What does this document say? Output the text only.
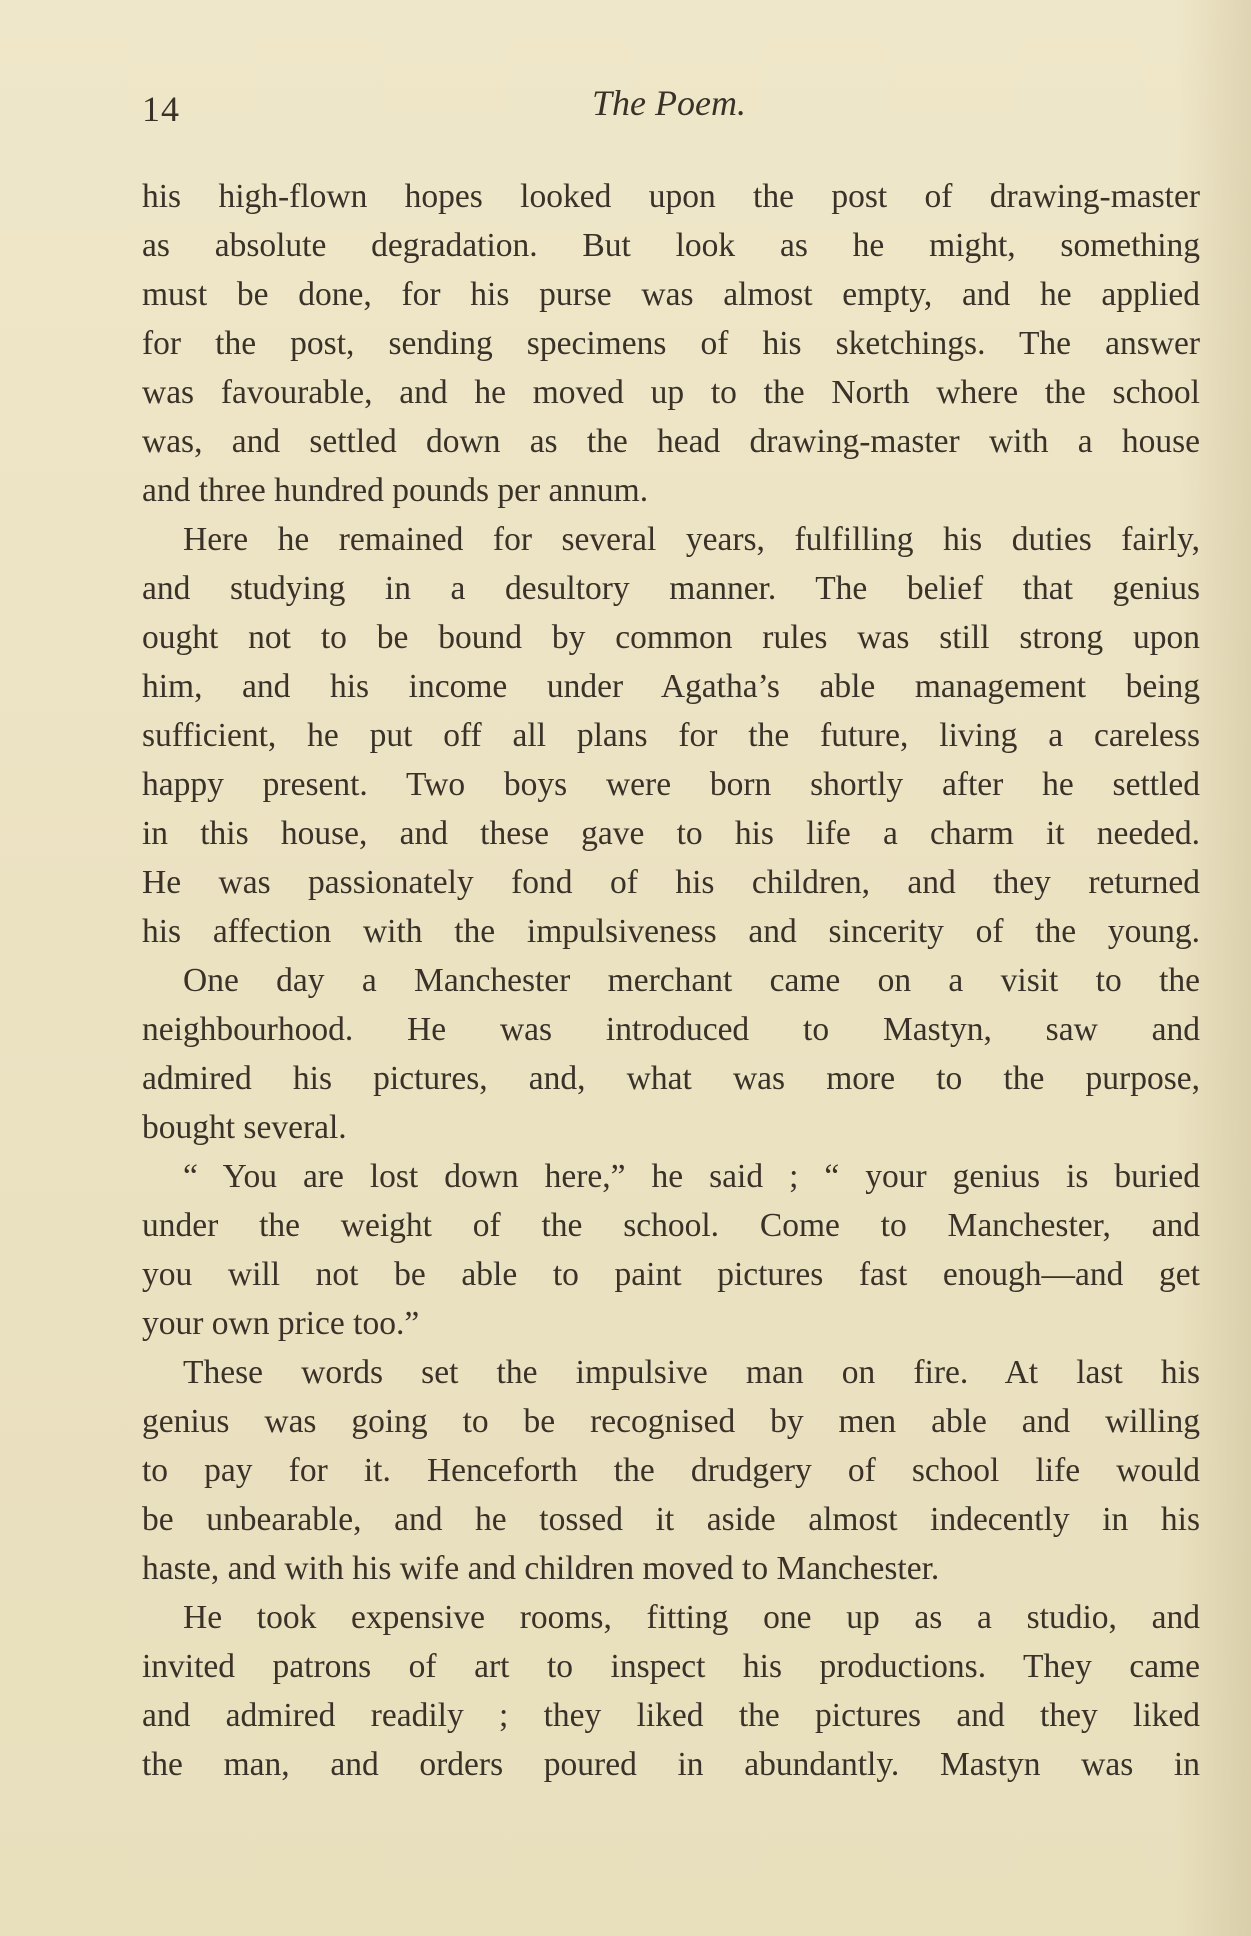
14	The Poem.
his high-flown hopes looked upon the post of drawing-master
as absolute degradation. But look as he might, something
must be done, for his purse was almost empty, and he applied
for the post, sending specimens of his sketchings. The answer
was favourable, and he moved up to the North where the school
was, and settled down as the head drawing-master with a house
and three hundred pounds per annum.
Here he remained for several years, fulfilling his duties fairly,
and studying in a desultory manner. The belief that genius
ought not to be bound by common rules was still strong upon
him, and his income under Agatha’s able management being
sufficient, he put off all plans for the future, living a careless
happy present. Two boys were born shortly after he settled
in this house, and these gave to his life a charm it needed.
He was passionately fond of his children, and they returned
his affection with the impulsiveness and sincerity of the young.
One day a Manchester merchant came on a visit to the
neighbourhood. He was introduced to Mastyn, saw and
admired his pictures, and, what was more to the purpose,
bought several.
“ You are lost down here,” he said ; “ your genius is buried
under the weight of the school. Come to Manchester, and
you will not be able to paint pictures fast enough—and get
your own price too.”
These words set the impulsive man on fire. At last his
genius was going to be recognised by men able and willing
to pay for it. Henceforth the drudgery of school life would
be unbearable, and he tossed it aside almost indecently in his
haste, and with his wife and children moved to Manchester.
He took expensive rooms, fitting one up as a studio, and
invited patrons of art to inspect his productions. They came
and admired readily ; they liked the pictures and they liked
the man, and orders poured in abundantly. Mastyn was in
